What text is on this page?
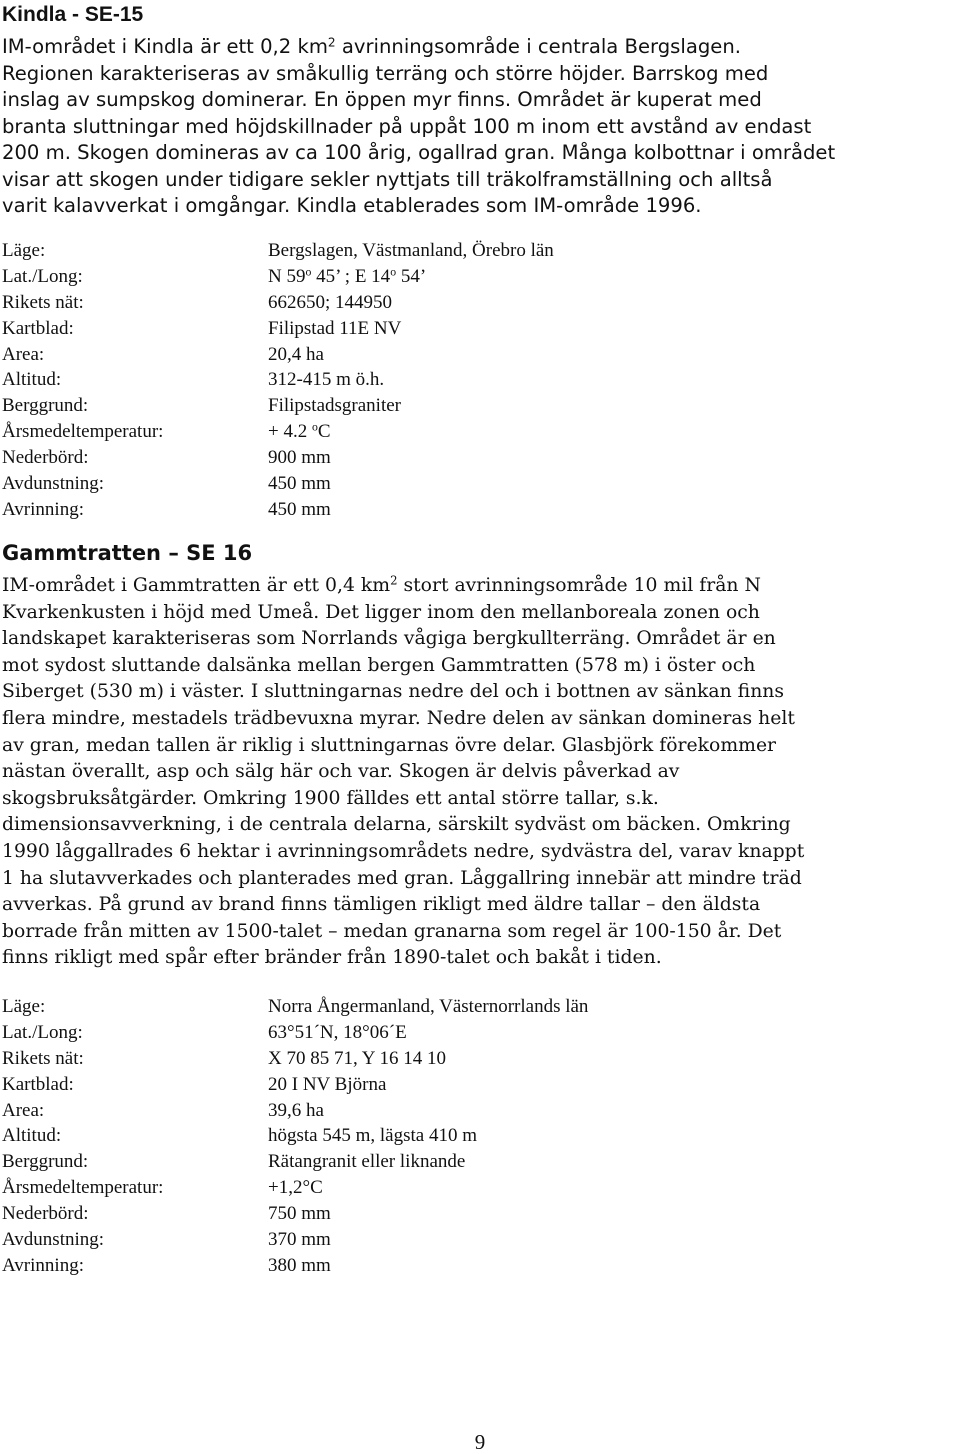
Kindla - SE-15
IM-området i Kindla är ett 0,2 $km^2$ avrinningsområde i centrala Bergslagen.
Regionen karakteriseras av småkullig terräng och större höjder. Barrskog med
inslag av sumpskog dominerar. En öppen myr finns. Området är kuperat med
branta sluttningar med höjdskillnader på uppåt 100 m inom ett avstånd av endast
200 m. Skogen domineras av ca 100 årig, ogallrad gran. Många kolbottnar i området
visar att skogen under tidigare sekler nyttjats till träkolframställning och alltså
varit kalavverkat i omgångar. Kindla etablerades som IM-område 1996.
Läge:	Bergslagen, Västmanland, Örebro län
Lat./Long:	N 59$^o$ 45’ ; E 14$^o$ 54’
Rikets nät:	662650; 144950
Kartblad:	Filipstad 11E NV
Area:	20,4 ha
Altitud:	312-415 m ö.h.
Berggrund:	Filipstadsgraniter
Årsmedeltemperatur:	+ 4.2 $^o$C
Nederbörd:	900 mm
Avdunstning:	450 mm
Avrinning:	450 mm
Gammtratten – SE 16
IM-området i Gammtratten är ett 0,4 $km^2$ stort avrinningsområde 10 mil från N
Kvarkenkusten i höjd med Umeå. Det ligger inom den mellanboreala zonen och
landskapet karakteriseras som Norrlands vågiga bergkullterräng. Området är en
mot sydost sluttande dalsänka mellan bergen Gammtratten (578 m) i öster och
Siberget (530 m) i väster. I sluttningarnas nedre del och i bottnen av sänkan finns
flera mindre, mestadels trädbevuxna myrar. Nedre delen av sänkan domineras helt
av gran, medan tallen är riklig i sluttningarnas övre delar. Glasbjörk förekommer
nästan överallt, asp och sälg här och var. Skogen är delvis påverkad av
skogsbruksåtgärder. Omkring 1900 fälldes ett antal större tallar, s.k.
dimensionsavverkning, i de centrala delarna, särskilt sydväst om bäcken. Omkring
1990 låggallrades 6 hektar i avrinningsområdets nedre, sydvästra del, varav knappt
1 ha slutavverkades och planterades med gran. Låggallring innebär att mindre träd
avverkas. På grund av brand finns tämligen rikligt med äldre tallar – den äldsta
borrade från mitten av 1500-talet – medan granarna som regel är 100-150 år. Det
finns rikligt med spår efter bränder från 1890-talet och bakåt i tiden.
Läge:	Norra Ångermanland, Västernorrlands län
Lat./Long:	63°51´N, 18°06´E
Rikets nät:	X 70 85 71, Y 16 14 10
Kartblad:	20 I NV Björna
Area:	39,6 ha
Altitud:	högsta 545 m, lägsta 410 m
Berggrund:	Rätangranit eller liknande
Årsmedeltemperatur:	+1,2°C
Nederbörd:	750 mm
Avdunstning:	370 mm
Avrinning:	380 mm
9
